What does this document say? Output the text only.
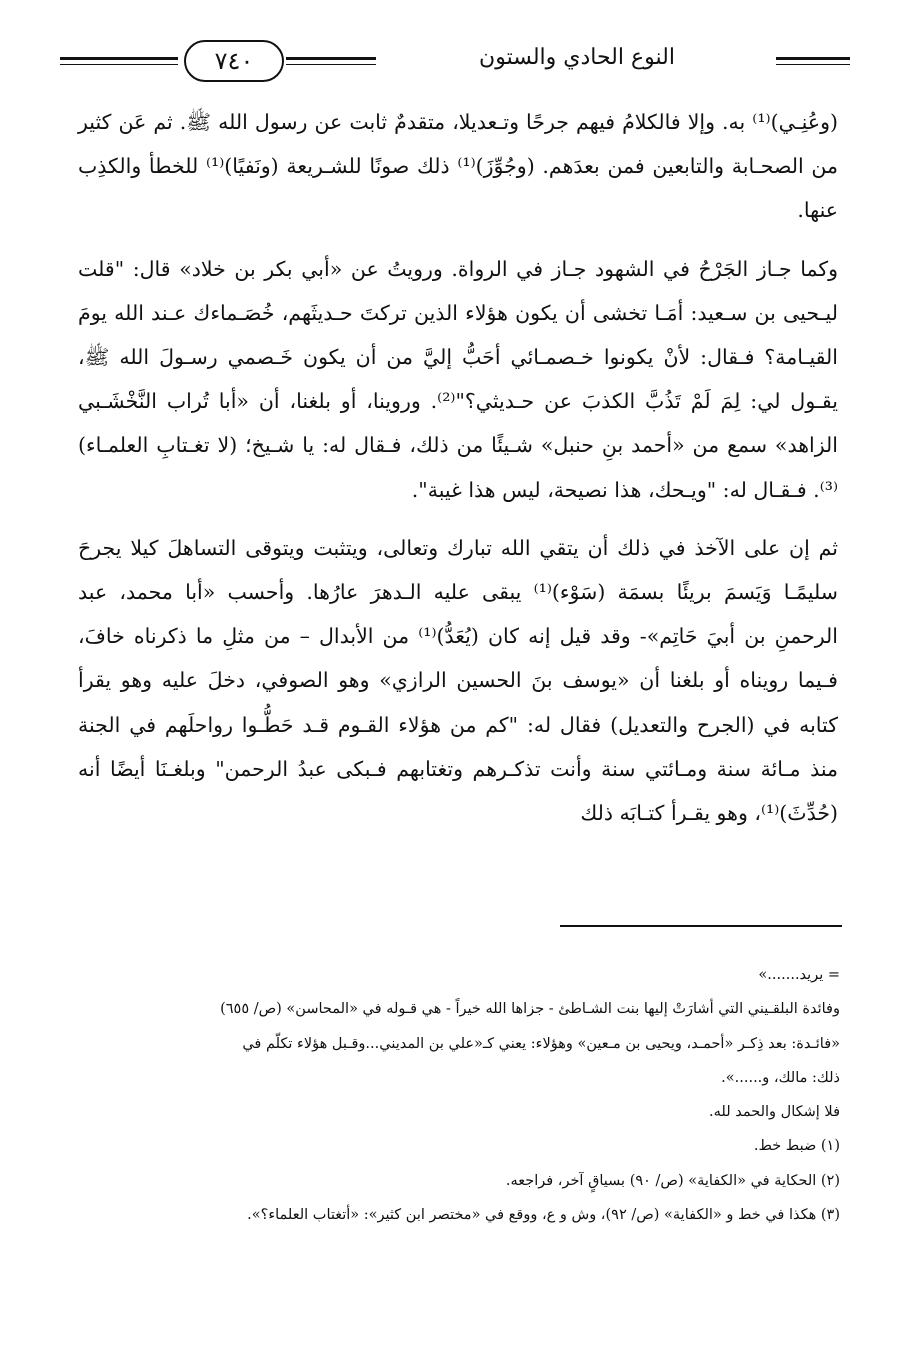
٧٤٠	النوع الحادي والستون

(وعُنِـي)⁽¹⁾ به. وإلا فالكلامُ فيهم جرحًا وتـعديلا، متقدمٌ ثابت عن رسول الله ﷺ. ثم عَن كثير من الصحـابة والتابعين فمن بعدَهم. (وجُوِّزَ)⁽¹⁾ ذلك صونًا للشـريعة (ونَفيًا)⁽¹⁾ للخطأ والكذِب عنها.

وكما جـاز الجَرْحُ في الشهود جـاز في الرواة. ورويتُ عن «أبي بكر بن خلاد» قال: "قلت ليـحيى بن سـعيد: أمَـا تخشى أن يكون هؤلاء الذين تركتَ حـديثَهم، خُصَـماءك عـند الله يومَ القيـامة؟ فـقال: لأنْ يكونوا خـصمـائي أحَبُّ إليَّ من أن يكون خَـصمي رسـولَ الله ﷺ، يقـول لي: لِمَ لَمْ تَذُبَّ الكذبَ عن حـديثي؟"⁽²⁾. وروينا، أو بلغنا، أن «أبا تُراب النَّخْشَـبي الزاهد» سمع من «أحمد بنِ حنبل» شـيئًا من ذلك، فـقال له: يا شـيخ؛ (لا تغـتابِ العلمـاء)⁽³⁾. فـقـال له: "ويـحك، هذا نصيحة، ليس هذا غيبة".

ثم إن على الآخذ في ذلك أن يتقي الله تبارك وتعالى، ويتثبت ويتوقى التساهلَ كيلا يجرحَ سليمًـا وَيَسمَ بريئًا بسمَة (سَوْء)⁽¹⁾ يبقى عليه الـدهرَ عارُها. وأحسب «أبا محمد، عبد الرحمنِ بن أبيَ حَاتِم»- وقد قيل إنه كان (يُعَدُّ)⁽¹⁾ من الأبدال – من مثلِ ما ذكرناه خافَ، فـيما رويناه أو بلغنا أن «يوسف بنَ الحسين الرازي» وهو الصوفي، دخلَ عليه وهو يقرأ كتابه في (الجرح والتعديل) فقال له: "كم من هؤلاء القـوم قـد حَطُّـوا رواحلَهم في الجنة منذ مـائة سنة ومـائتي سنة وأنت تذكـرهم وتغتابهم فـبكى عبدُ الرحمن" وبلغـنَا أيضًا أنه (حُدِّثَ)⁽¹⁾، وهو يقـرأ كتـابَه ذلك

= يريد.......»

وفائدة البلقـيني التي أشارَتْ إليها بنت الشـاطئ - جزاها الله خيراً - هي قـوله في «المحاسن» (ص/ ٦٥٥)

«فائـدة: بعد ذِكـر «أحمـد، ويحيى بن مـعين» وهؤلاء: يعني كـ«علي بن المديني...وقـبل هؤلاء تكلّم في

ذلك: مالك، و......».

فلا إشكال والحمد لله.

(١) ضبط خط.

(٢) الحكاية في «الكفاية» (ص/ ٩٠) بسياقٍ آخر، فراجعه.

(٣) هكذا في خط و «الكفاية» (ص/ ٩٢)، وش و ع، ووقع في «مختصر ابن كثير»: «أتغتاب العلماء؟».
